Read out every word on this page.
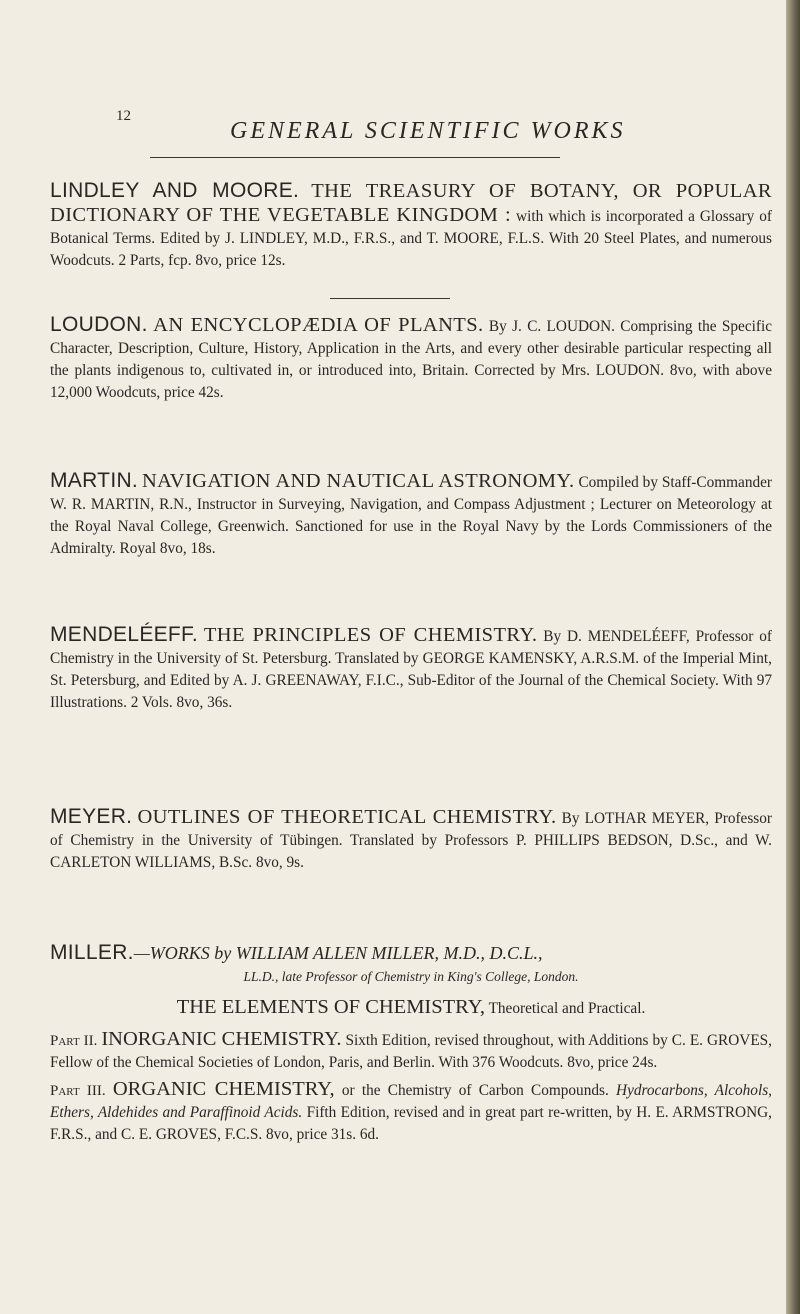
12
GENERAL SCIENTIFIC WORKS

LINDLEY AND MOORE. THE TREASURY OF BOTANY, OR POPULAR DICTIONARY OF THE VEGETABLE KINGDOM : with which is incorporated a Glossary of Botanical Terms. Edited by J. LINDLEY, M.D., F.R.S., and T. MOORE, F.L.S. With 20 Steel Plates, and numerous Woodcuts. 2 Parts, fcp. 8vo, price 12s.

LOUDON. AN ENCYCLOPÆDIA OF PLANTS. By J. C. LOUDON. Comprising the Specific Character, Description, Culture, History, Application in the Arts, and every other desirable particular respecting all the plants indigenous to, cultivated in, or introduced into, Britain. Corrected by Mrs. LOUDON. 8vo, with above 12,000 Woodcuts, price 42s.

MARTIN. NAVIGATION AND NAUTICAL ASTRONOMY. Compiled by Staff-Commander W. R. MARTIN, R.N., Instructor in Surveying, Navigation, and Compass Adjustment ; Lecturer on Meteorology at the Royal Naval College, Greenwich. Sanctioned for use in the Royal Navy by the Lords Commissioners of the Admiralty. Royal 8vo, 18s.

MENDELÉEFF. THE PRINCIPLES OF CHEMISTRY. By D. MENDELÉEFF, Professor of Chemistry in the University of St. Petersburg. Translated by GEORGE KAMENSKY, A.R.S.M. of the Imperial Mint, St. Petersburg, and Edited by A. J. GREENAWAY, F.I.C., Sub-Editor of the Journal of the Chemical Society. With 97 Illustrations. 2 Vols. 8vo, 36s.

MEYER. OUTLINES OF THEORETICAL CHEMISTRY. By LOTHAR MEYER, Professor of Chemistry in the University of Tübingen. Translated by Professors P. PHILLIPS BEDSON, D.Sc., and W. CARLETON WILLIAMS, B.Sc. 8vo, 9s.

MILLER.—WORKS by WILLIAM ALLEN MILLER, M.D., D.C.L.,

LL.D., late Professor of Chemistry in King's College, London.

THE ELEMENTS OF CHEMISTRY, Theoretical and Practical.

Part II. INORGANIC CHEMISTRY. Sixth Edition, revised throughout, with Additions by C. E. GROVES, Fellow of the Chemical Societies of London, Paris, and Berlin. With 376 Woodcuts. 8vo, price 24s.

Part III. ORGANIC CHEMISTRY, or the Chemistry of Carbon Compounds. Hydrocarbons, Alcohols, Ethers, Aldehides and Paraffinoid Acids. Fifth Edition, revised and in great part re-written, by H. E. ARMSTRONG, F.R.S., and C. E. GROVES, F.C.S. 8vo, price 31s. 6d.
